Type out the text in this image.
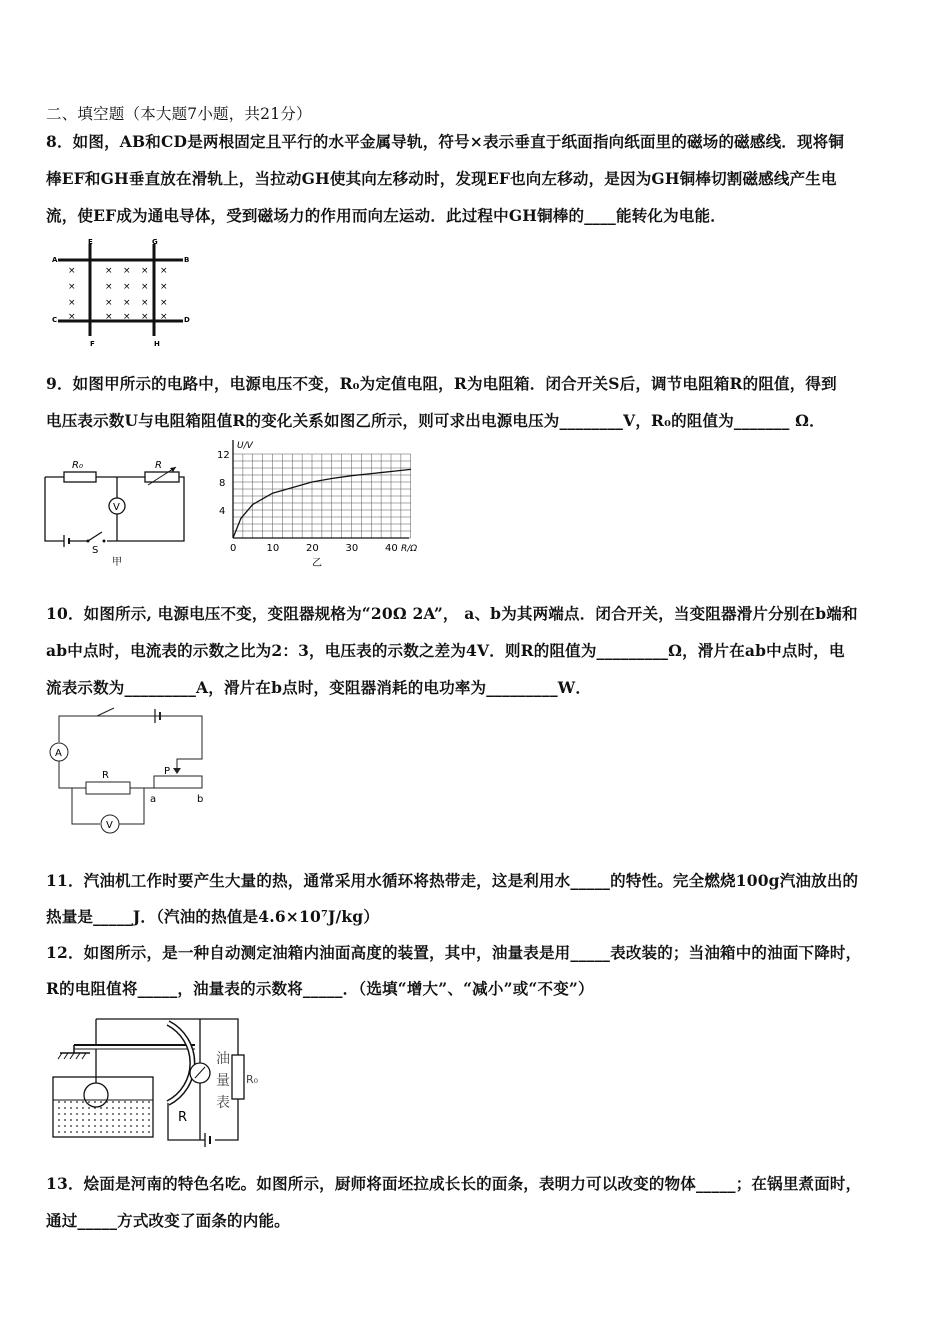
二、填空题（本大题7小题，共21分）
8．如图，AB和CD是两根固定且平行的水平金属导轨，符号×表示垂直于纸面指向纸面里的磁场的磁感线．现将铜
棒EF和GH垂直放在滑轨上，当拉动GH使其向左移动时，发现EF也向左移动，是因为GH铜棒切割磁感线产生电
流，使EF成为通电导体，受到磁场力的作用而向左运动．此过程中GH铜棒的____能转化为电能．
A	B
C	D
E
F
G
H
×	× × × ×
×	× × × ×
×	× × × ×
×	× × × ×
9．如图甲所示的电路中，电源电压不变，R₀为定值电阻，R为电阻箱．闭合开关S后，调节电阻箱R的阻值，得到
电压表示数U与电阻箱阻值R的变化关系如图乙所示，则可求出电源电压为________V，R₀的阻值为_______ Ω．
V
R₀	R
S
甲
0	10	20	30	40
4
8
12
R/Ω
U/V
乙
10．如图所示, 电源电压不变，变阻器规格为“20Ω 2A”， a、b为其两端点．闭合开关，当变阻器滑片分别在b端和
ab中点时，电流表的示数之比为2：3，电压表的示数之差为4V．则R的阻值为_________Ω，滑片在ab中点时，电
流表示数为_________A，滑片在b点时，变阻器消耗的电功率为_________W．
A
R	P
a	b
V
11．汽油机工作时要产生大量的热，通常采用水循环将热带走，这是利用水_____的特性。完全燃烧100g汽油放出的
热量是_____J．（汽油的热值是4.6×10⁷J/kg）
12．如图所示，是一种自动测定油箱内油面高度的装置，其中，油量表是用_____表改装的；当油箱中的油面下降时，
R的电阻值将_____，油量表的示数将_____．（选填“增大”、“减小”或“不变”）
R
油
量
表
R₀
13．烩面是河南的特色名吃。如图所示，厨师将面坯拉成长长的面条，表明力可以改变的物体_____；在锅里煮面时，
通过_____方式改变了面条的内能。
